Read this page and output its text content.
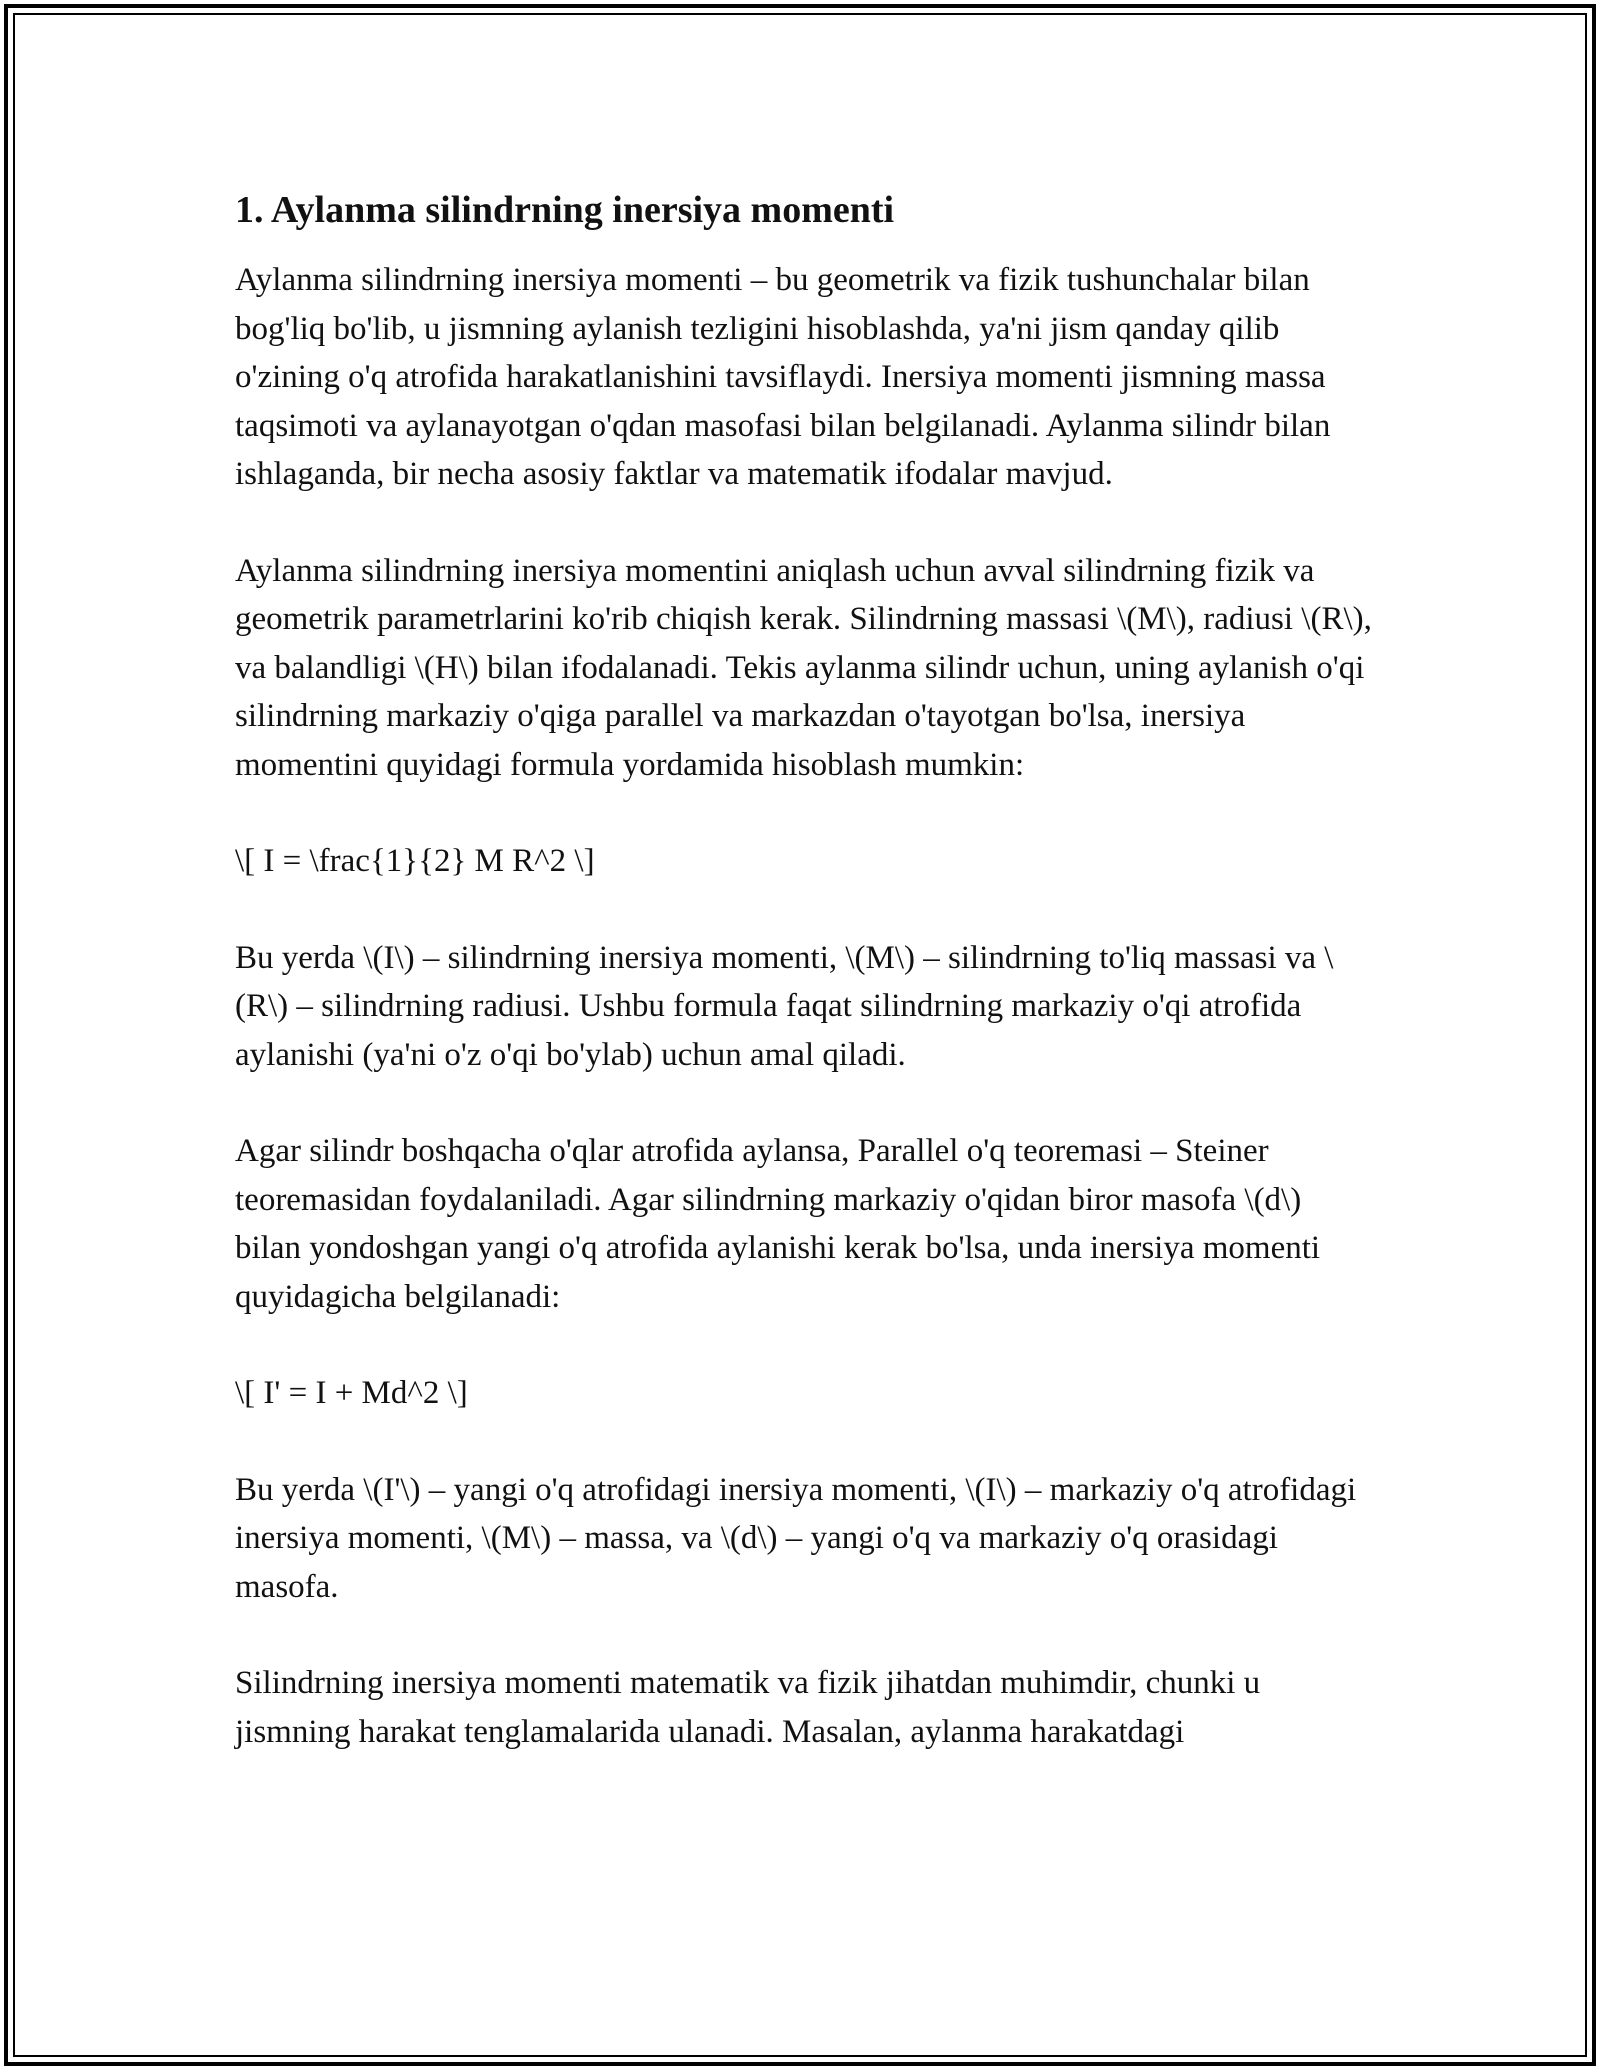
1. Aylanma silindrning inersiya momenti

Aylanma silindrning inersiya momenti – bu geometrik va fizik tushunchalar bilan bog'liq bo'lib, u jismning aylanish tezligini hisoblashda, ya'ni jism qanday qilib o'zining o'q atrofida harakatlanishini tavsiflaydi. Inersiya momenti jismning massa taqsimoti va aylanayotgan o'qdan masofasi bilan belgilanadi. Aylanma silindr bilan ishlaganda, bir necha asosiy faktlar va matematik ifodalar mavjud.

Aylanma silindrning inersiya momentini aniqlash uchun avval silindrning fizik va geometrik parametrlarini ko'rib chiqish kerak. Silindrning massasi \(M\), radiusi \(R\), va balandligi \(H\) bilan ifodalanadi. Tekis aylanma silindr uchun, uning aylanish o'qi silindrning markaziy o'qiga parallel va markazdan o'tayotgan bo'lsa, inersiya momentini quyidagi formula yordamida hisoblash mumkin:

\[ I = \frac{1}{2} M R^2 \]

Bu yerda \(I\) – silindrning inersiya momenti, \(M\) – silindrning to'liq massasi va \(R\) – silindrning radiusi. Ushbu formula faqat silindrning markaziy o'qi atrofida aylanishi (ya'ni o'z o'qi bo'ylab) uchun amal qiladi.

Agar silindr boshqacha o'qlar atrofida aylansa, Parallel o'q teoremasi – Steiner teoremasidan foydalaniladi. Agar silindrning markaziy o'qidan biror masofa \(d\) bilan yondoshgan yangi o'q atrofida aylanishi kerak bo'lsa, unda inersiya momenti quyidagicha belgilanadi:

\[ I' = I + Md^2 \]

Bu yerda \(I'\) – yangi o'q atrofidagi inersiya momenti, \(I\) – markaziy o'q atrofidagi inersiya momenti, \(M\) – massa, va \(d\) – yangi o'q va markaziy o'q orasidagi masofa.

Silindrning inersiya momenti matematik va fizik jihatdan muhimdir, chunki u jismning harakat tenglamalarida ulanadi. Masalan, aylanma harakatdagi
